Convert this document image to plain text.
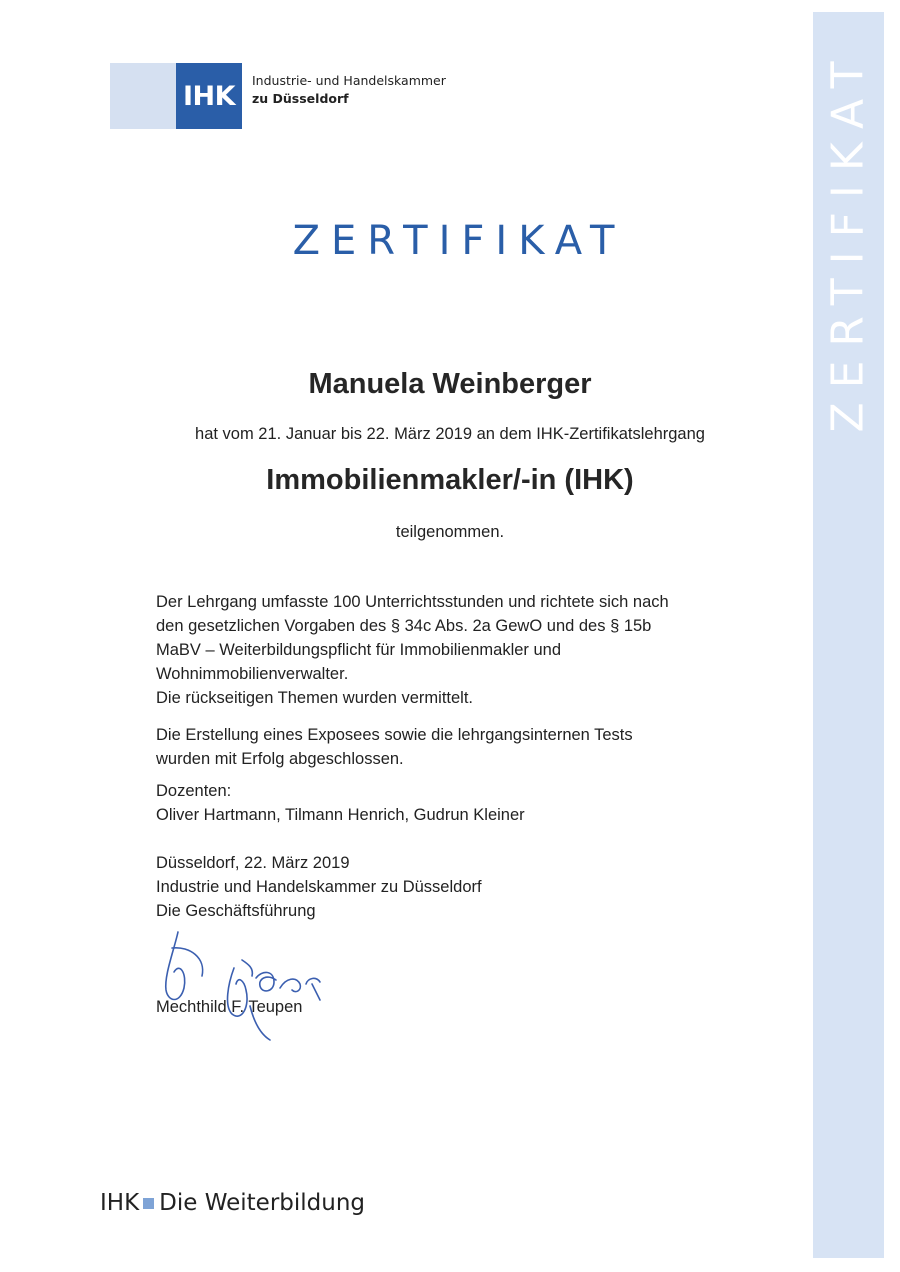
ZERTIFIKAT
IHK	Industrie- und Handelskammer
zu Düsseldorf
ZERTIFIKAT
Manuela Weinberger
hat vom 21. Januar bis 22. März 2019 an dem IHK-Zertifikatslehrgang
Immobilienmakler/-in (IHK)
teilgenommen.
Der Lehrgang umfasste 100 Unterrichtsstunden und richtete sich nach
den gesetzlichen Vorgaben des § 34c Abs. 2a GewO und des § 15b
MaBV – Weiterbildungspflicht für Immobilienmakler und
Wohnimmobilienverwalter.
Die rückseitigen Themen wurden vermittelt.
Die Erstellung eines Exposees sowie die lehrgangsinternen Tests
wurden mit Erfolg abgeschlossen.
Dozenten:
Oliver Hartmann, Tilmann Henrich, Gudrun Kleiner
Düsseldorf, 22. März 2019
Industrie und Handelskammer zu Düsseldorf
Die Geschäftsführung

Mechthild F. Teupen
IHK Die Weiterbildung
